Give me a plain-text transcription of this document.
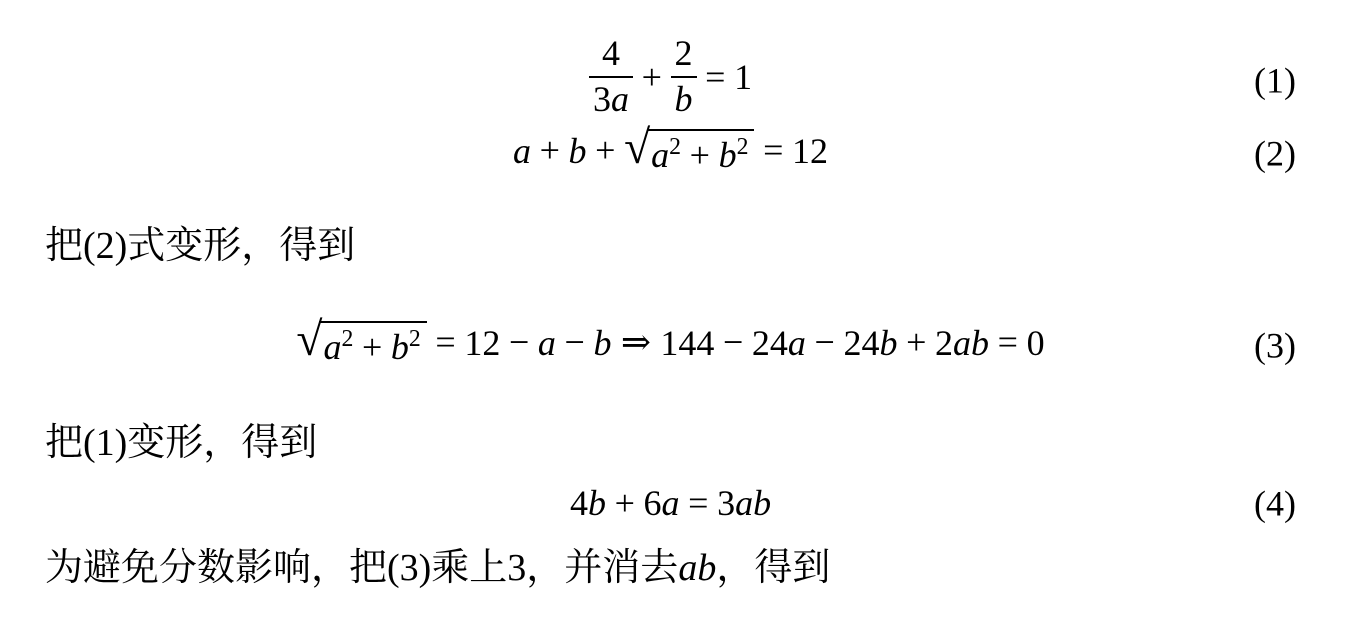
$\frac{4}{3a} + \frac{2}{b} = 1$	(1)
a + b + √ $a^2 + b^2 = 12$	(2)
把(2)式变形，得到
√ $a^2 + b^2 = 12 - a - b$ ⇒ 144 − 24a − 24b + 2ab = 0	(3)
把(1)变形，得到
4b + 6a = 3ab	(4)
为避免分数影响，把(3)乘上3，并消去ab，得到
